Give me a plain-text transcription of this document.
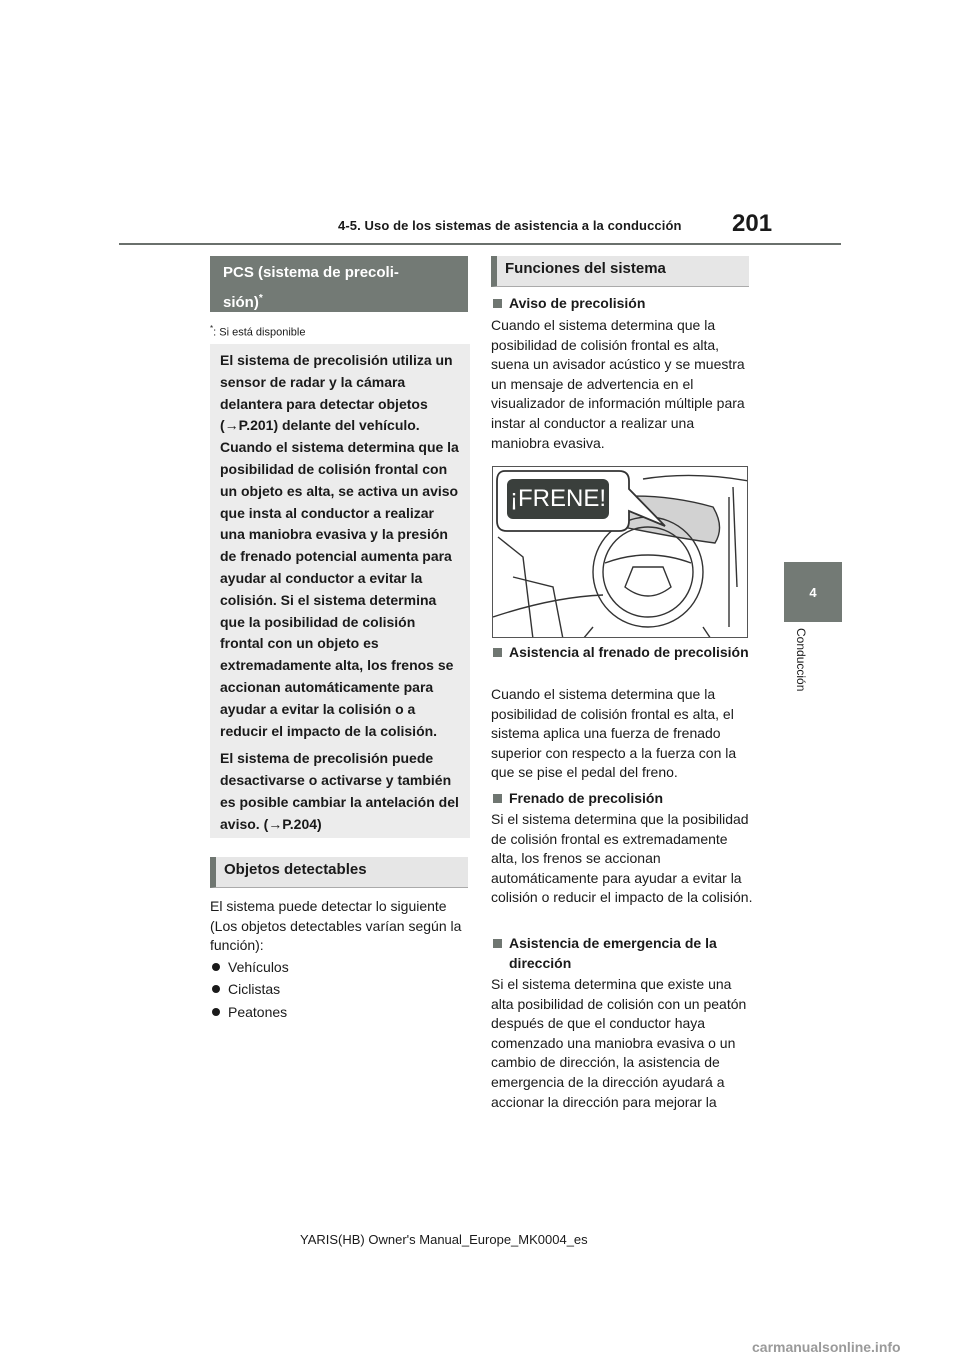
4-5. Uso de los sistemas de asistencia a la conducción 201
4
Conducción
PCS (sistema de precoli-
sión)*
*: Si está disponible

El sistema de precolisión utiliza un sensor de radar y la cámara delantera para detectar objetos (→P.201) delante del vehículo. Cuando el sistema determina que la posibilidad de colisión frontal con un objeto es alta, se activa un aviso que insta al conductor a realizar una maniobra evasiva y la presión de frenado potencial aumenta para ayudar al conductor a evitar la colisión. Si el sistema determina que la posibilidad de colisión frontal con un objeto es extremadamente alta, los frenos se accionan automáticamente para ayudar a evitar la colisión o a reducir el impacto de la colisión.

El sistema de precolisión puede desactivarse o activarse y también es posible cambiar la antelación del aviso. (→P.204)

Objetos detectables
El sistema puede detectar lo siguiente (Los objetos detectables varían según la función):
Vehículos
Ciclistas
Peatones
Funciones del sistema
Aviso de precolisión
Cuando el sistema determina que la posibilidad de colisión frontal es alta, suena un avisador acústico y se muestra un mensaje de advertencia en el visualizador de información múltiple para instar al conductor a realizar una maniobra evasiva.
¡FRENE!
Asistencia al frenado de precolisión
Cuando el sistema determina que la posibilidad de colisión frontal es alta, el sistema aplica una fuerza de frenado superior con respecto a la fuerza con la que se pise el pedal del freno.
Frenado de precolisión
Si el sistema determina que la posibilidad de colisión frontal es extremadamente alta, los frenos se accionan automáticamente para ayudar a evitar la colisión o reducir el impacto de la colisión.
Asistencia de emergencia de la dirección
Si el sistema determina que existe una alta posibilidad de colisión con un peatón después de que el conductor haya comenzado una maniobra evasiva o un cambio de dirección, la asistencia de emergencia de la dirección ayudará a accionar la dirección para mejorar la
YARIS(HB) Owner's Manual_Europe_MK0004_es
carmanualsonline.info
